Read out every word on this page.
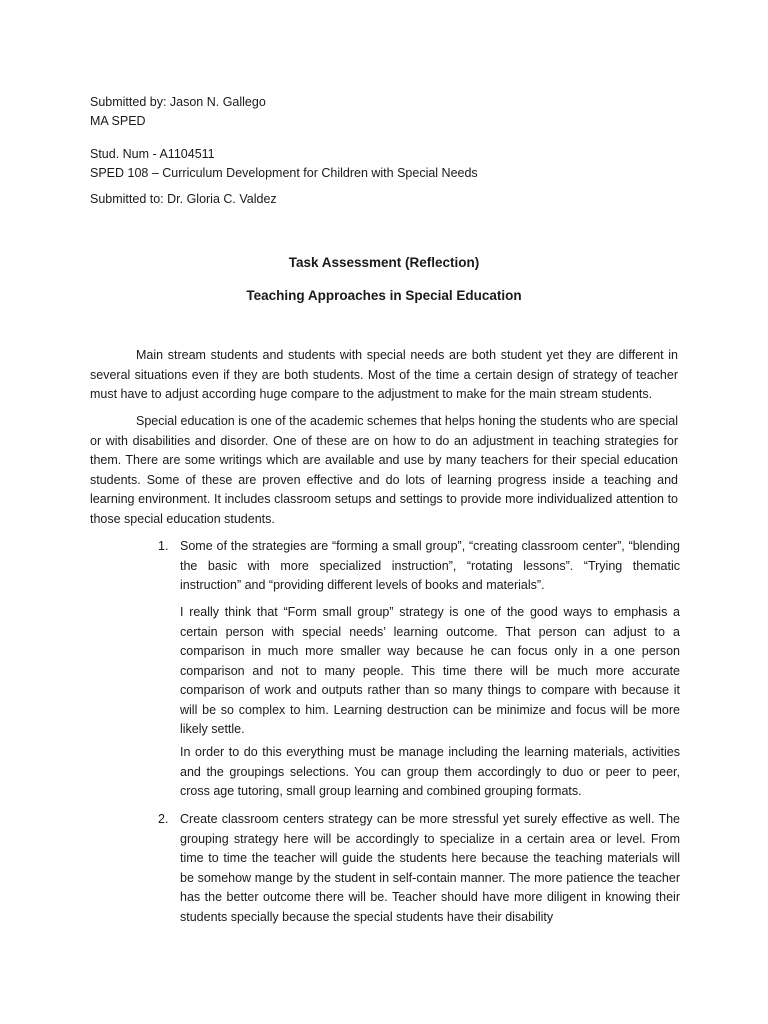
Submitted by: Jason N. Gallego
MA SPED
Stud. Num - A1104511
SPED 108 – Curriculum Development for Children with Special Needs
Submitted to: Dr. Gloria C. Valdez
Task Assessment (Reflection)
Teaching Approaches in Special Education
Main stream students and students with special needs are both student yet they are different in several situations even if they are both students. Most of the time a certain design of strategy of teacher must have to adjust according huge compare to the adjustment to make for the main stream students.
Special education is one of the academic schemes that helps honing the students who are special or with disabilities and disorder. One of these are on how to do an adjustment in teaching strategies for them. There are some writings which are available and use by many teachers for their special education students. Some of these are proven effective and do lots of learning progress inside a teaching and learning environment. It includes classroom setups and settings to provide more individualized attention to those special education students.
1. Some of the strategies are “forming a small group”, “creating classroom center”, “blending the basic with more specialized instruction”, “rotating lessons”. “Trying thematic instruction” and “providing different levels of books and materials”.
I really think that “Form small group” strategy is one of the good ways to emphasis a certain person with special needs’ learning outcome. That person can adjust to a comparison in much more smaller way because he can focus only in a one person comparison and not to many people. This time there will be much more accurate comparison of work and outputs rather than so many things to compare with because it will be so complex to him. Learning destruction can be minimize and focus will be more likely settle.
In order to do this everything must be manage including the learning materials, activities and the groupings selections. You can group them accordingly to duo or peer to peer, cross age tutoring, small group learning and combined grouping formats.
2. Create classroom centers strategy can be more stressful yet surely effective as well. The grouping strategy here will be accordingly to specialize in a certain area or level. From time to time the teacher will guide the students here because the teaching materials will be somehow mange by the student in self-contain manner. The more patience the teacher has the better outcome there will be. Teacher should have more diligent in knowing their students specially because the special students have their disability
